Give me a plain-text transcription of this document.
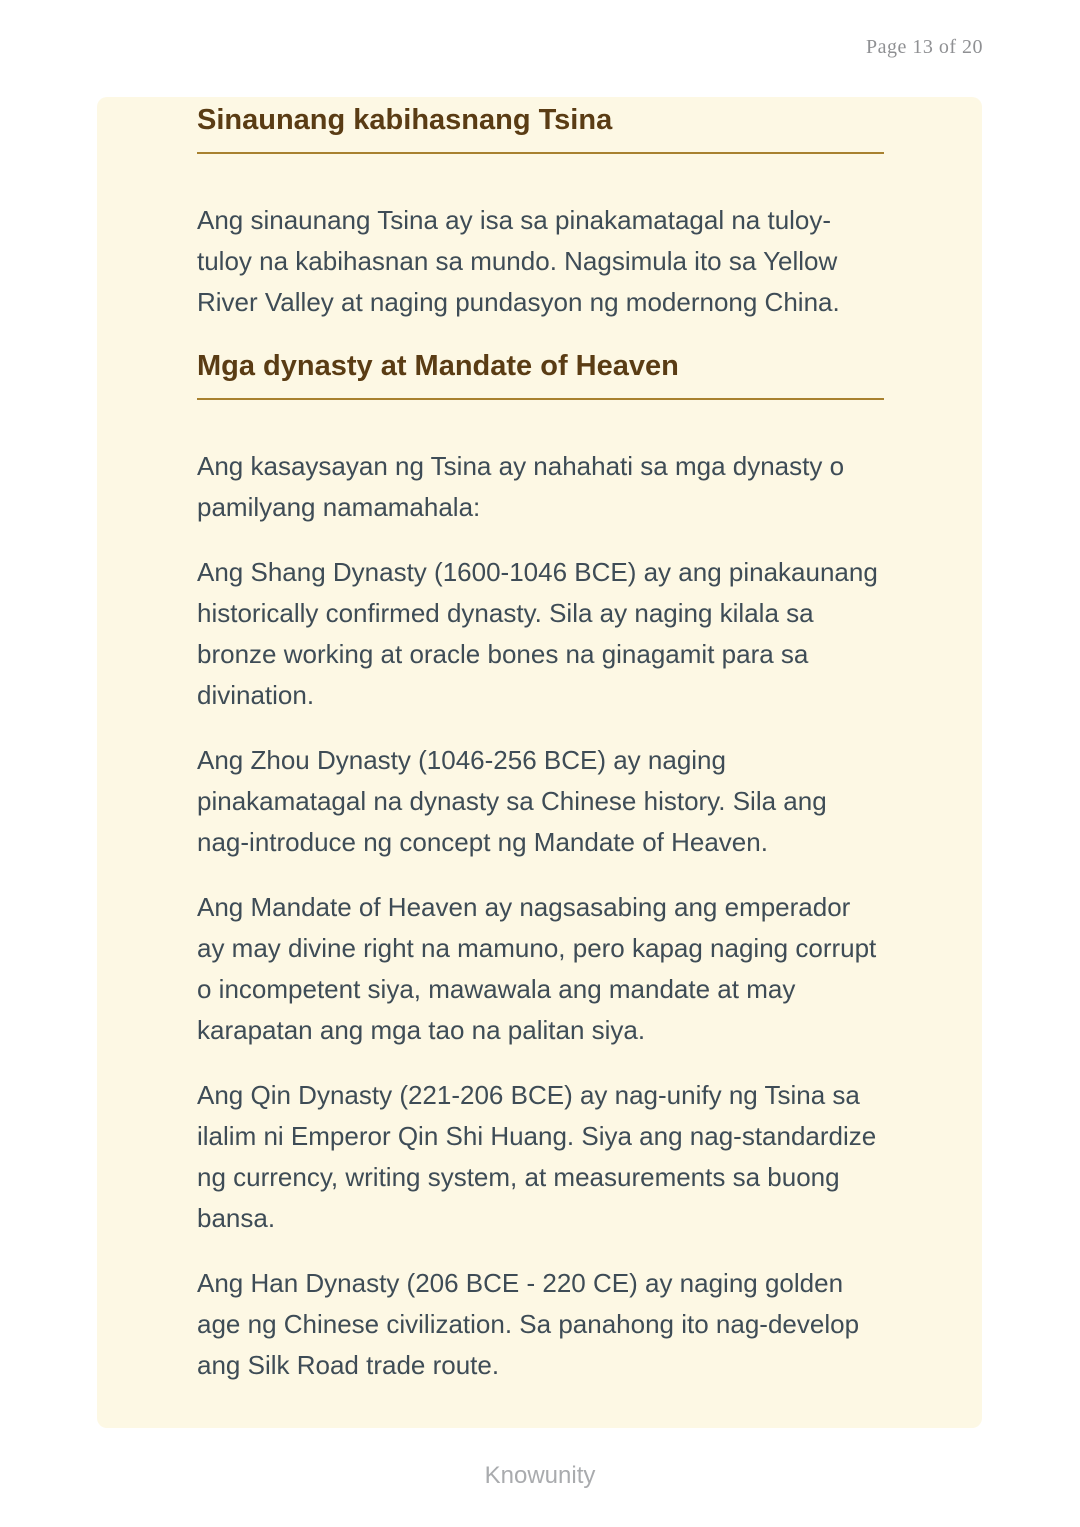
Page 13 of 20
Sinaunang kabihasnang Tsina

Ang sinaunang Tsina ay isa sa pinakamatagal na tuloy-tuloy na kabihasnan sa mundo. Nagsimula ito sa Yellow River Valley at naging pundasyon ng modernong China.

Mga dynasty at Mandate of Heaven

Ang kasaysayan ng Tsina ay nahahati sa mga dynasty o pamilyang namamahala:

Ang Shang Dynasty (1600-1046 BCE) ay ang pinakaunang historically confirmed dynasty. Sila ay naging kilala sa bronze working at oracle bones na ginagamit para sa divination.

Ang Zhou Dynasty (1046-256 BCE) ay naging pinakamatagal na dynasty sa Chinese history. Sila ang nag-introduce ng concept ng Mandate of Heaven.

Ang Mandate of Heaven ay nagsasabing ang emperador ay may divine right na mamuno, pero kapag naging corrupt o incompetent siya, mawawala ang mandate at may karapatan ang mga tao na palitan siya.

Ang Qin Dynasty (221-206 BCE) ay nag-unify ng Tsina sa ilalim ni Emperor Qin Shi Huang. Siya ang nag-standardize ng currency, writing system, at measurements sa buong bansa.

Ang Han Dynasty (206 BCE - 220 CE) ay naging golden age ng Chinese civilization. Sa panahong ito nag-develop ang Silk Road trade route.

Knowunity
